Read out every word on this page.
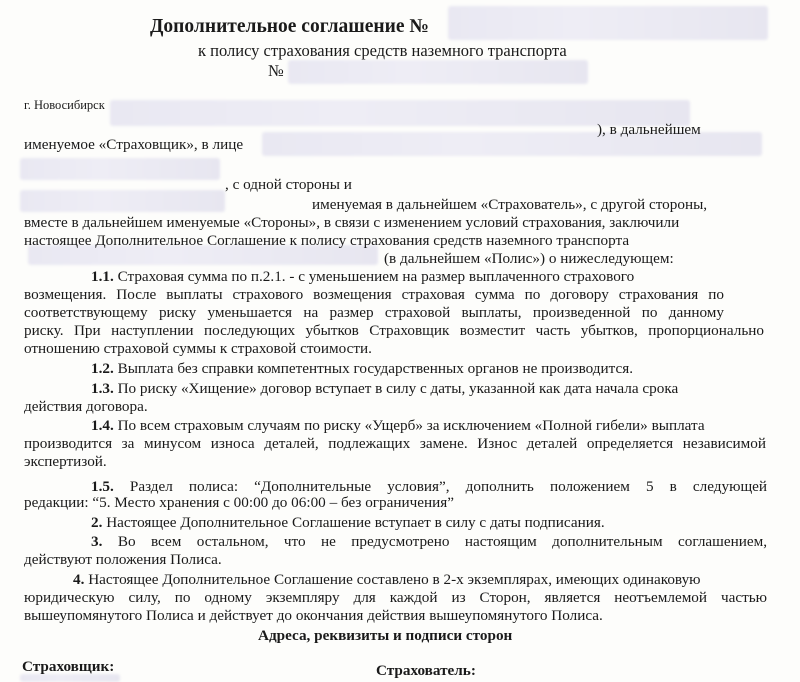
Дополнительное соглашение №
к полису страхования средств наземного транспорта
№
г. Новосибирск
), в дальнейшем
именуемое «Страховщик», в лице
, с одной стороны и
именуемая в дальнейшем «Страхователь», с другой стороны,
вместе в дальнейшем именуемые «Стороны», в связи с изменением условий страхования, заключили
настоящее Дополнительное Соглашение к полису страхования средств наземного транспорта
(в дальнейшем «Полис») о нижеследующем:
1.1. Страховая сумма по п.2.1. - с уменьшением на размер выплаченного страхового
возмещения. После выплаты страхового возмещения страховая сумма по договору страхования по
соответствующему риску уменьшается на размер страховой выплаты, произведенной по данному
риску. При наступлении последующих убытков Страховщик возместит часть убытков, пропорционально
отношению страховой суммы к страховой стоимости.
1.2. Выплата без справки компетентных государственных органов не производится.
1.3. По риску «Хищение» договор вступает в силу с даты, указанной как дата начала срока
действия договора.
1.4. По всем страховым случаям по риску «Ущерб» за исключением «Полной гибели» выплата
производится за минусом износа деталей, подлежащих замене. Износ деталей определяется независимой
экспертизой.
1.5. Раздел полиса: “Дополнительные условия”, дополнить положением 5 в следующей
редакции: “5. Место хранения с 00:00 до 06:00 – без ограничения”
2. Настоящее Дополнительное Соглашение вступает в силу с даты подписания.
3. Во всем остальном, что не предусмотрено настоящим дополнительным соглашением,
действуют положения Полиса.
4. Настоящее Дополнительное Соглашение составлено в 2-х экземплярах, имеющих одинаковую
юридическую силу, по одному экземпляру для каждой из Сторон, является неотъемлемой частью
вышеупомянутого Полиса и действует до окончания действия вышеупомянутого Полиса.
Адреса, реквизиты и подписи сторон
Страховщик:	Страхователь:
